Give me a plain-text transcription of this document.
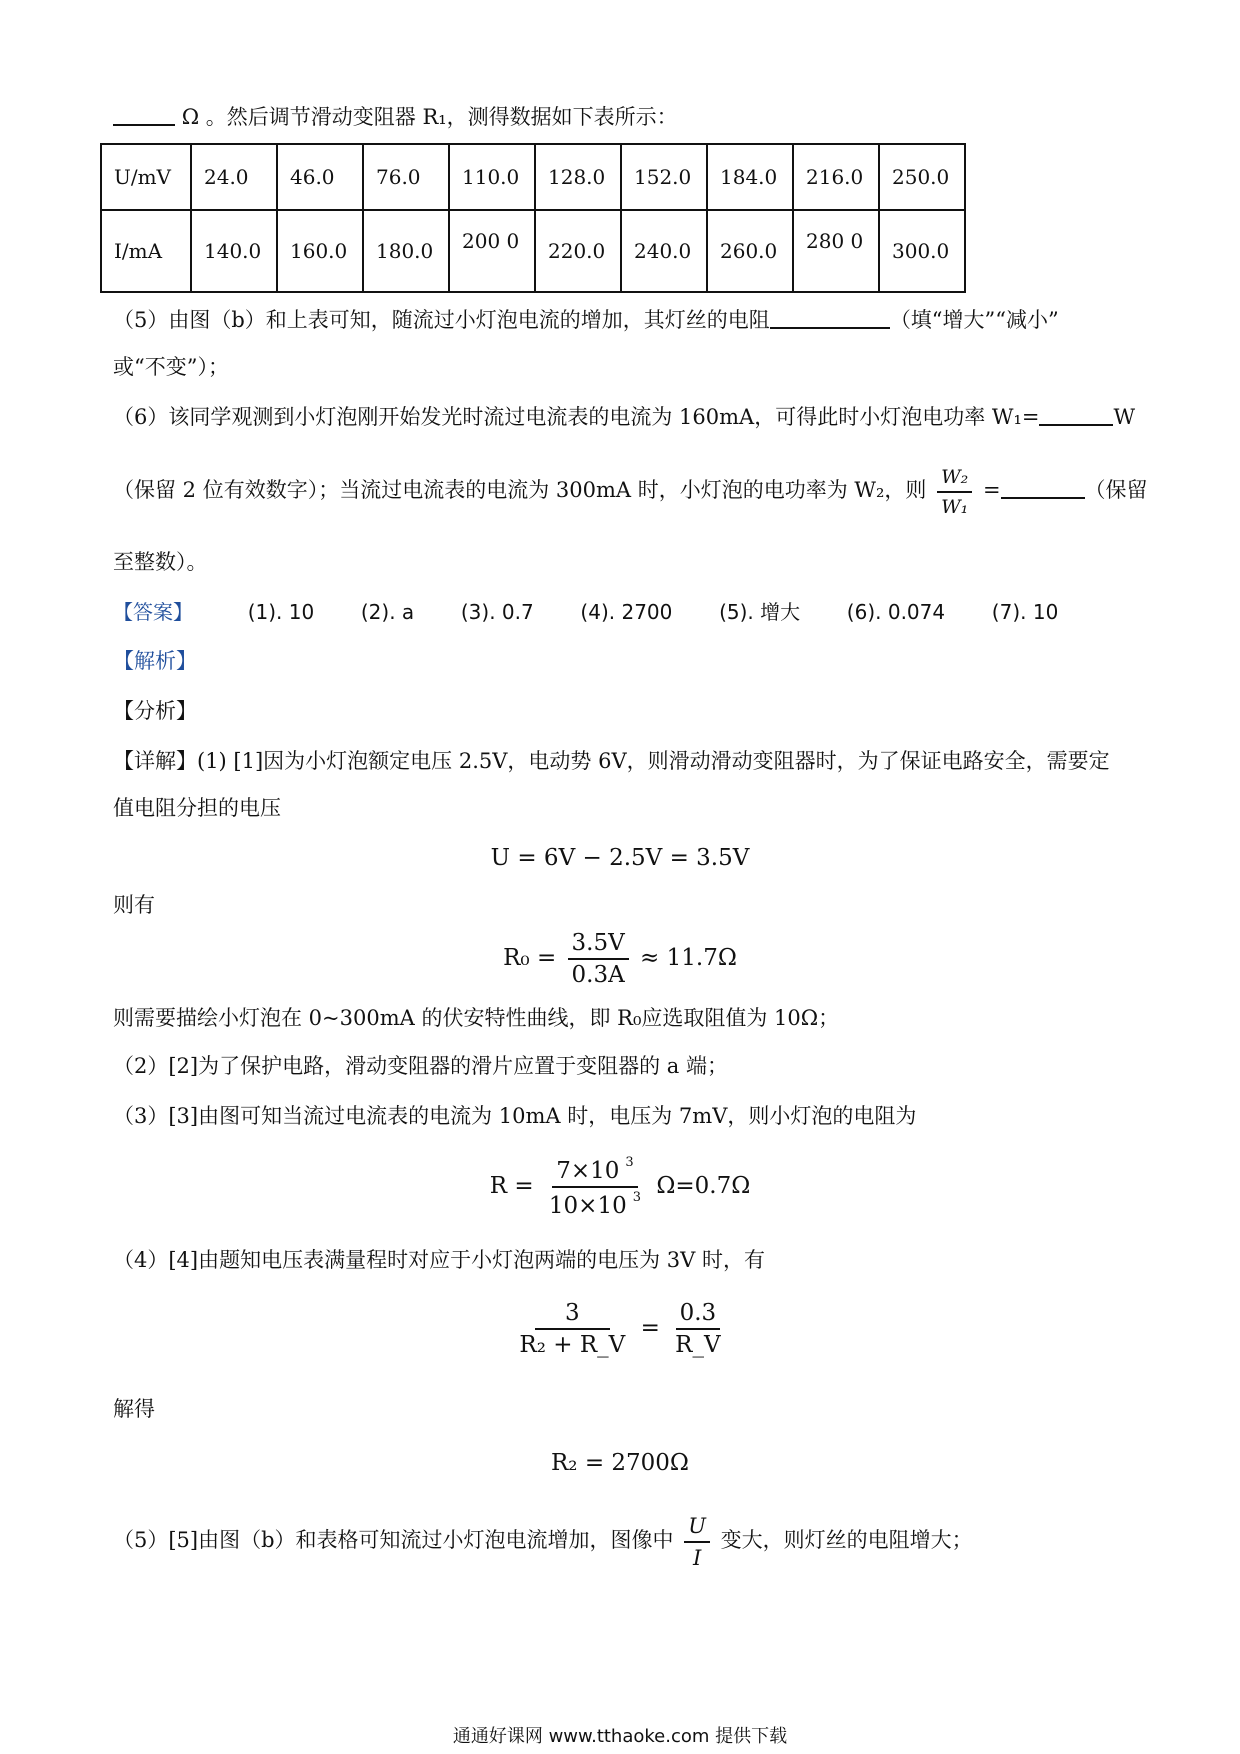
Ω 。然后调节滑动变阻器 R₁，测得数据如下表所示：
U/mV	24.0	46.0	76.0	110.0	128.0	152.0	184.0	216.0	250.0
I/mA	140.0	160.0	180.0	200 0	220.0	240.0	260.0	280 0	300.0
（5）由图（b）和上表可知，随流过小灯泡电流的增加，其灯丝的电阻	（填“增大”“减小”
或“不变”）；
（6）该同学观测到小灯泡刚开始发光时流过电流表的电流为 160mA，可得此时小灯泡电功率 W₁=	W
（保留 2 位有效数字）；当流过电流表的电流为 300mA 时，小灯泡的电功率为 W₂，则 $\frac{\text{W₂}}{\text{W₁}}$ =	（保留
至整数）。
【答案】	(1). 10 (2). a (3). 0.7 (4). 2700 (5). 增大 (6). 0.074 (7). 10
【解析】
【分析】
【详解】(1) [1]因为小灯泡额定电压 2.5V，电动势 6V，则滑动滑动变阻器时，为了保证电路安全，需要定
值电阻分担的电压
U = 6V − 2.5V = 3.5V
则有
$R_0 = \frac{3.5V}{0.3A} \approx 11.7\Omega$
则需要描绘小灯泡在 0~300mA 的伏安特性曲线，即 R₀应选取阻值为 10Ω；
（2）[2]为了保护电路，滑动变阻器的滑片应置于变阻器的 a 端；
（3）[3]由图可知当流过电流表的电流为 10mA 时，电压为 7mV，则小灯泡的电阻为
$R = \frac{7\times 10 ^3}{10\times 10 ^3} \Omega=0.7\Omega$
（4）[4]由题知电压表满量程时对应于小灯泡两端的电压为 3V 时，有
$\frac{3}{\text{R₂ + R\_V}} = \frac{0.3}{R\_V}$
解得
R₂ = 2700Ω
（5）[5]由图（b）和表格可知流过小灯泡电流增加，图像中 $\frac{U}{I}$ 变大，则灯丝的电阻增大；
通通好课网 www.tthaoke.com 提供下载
